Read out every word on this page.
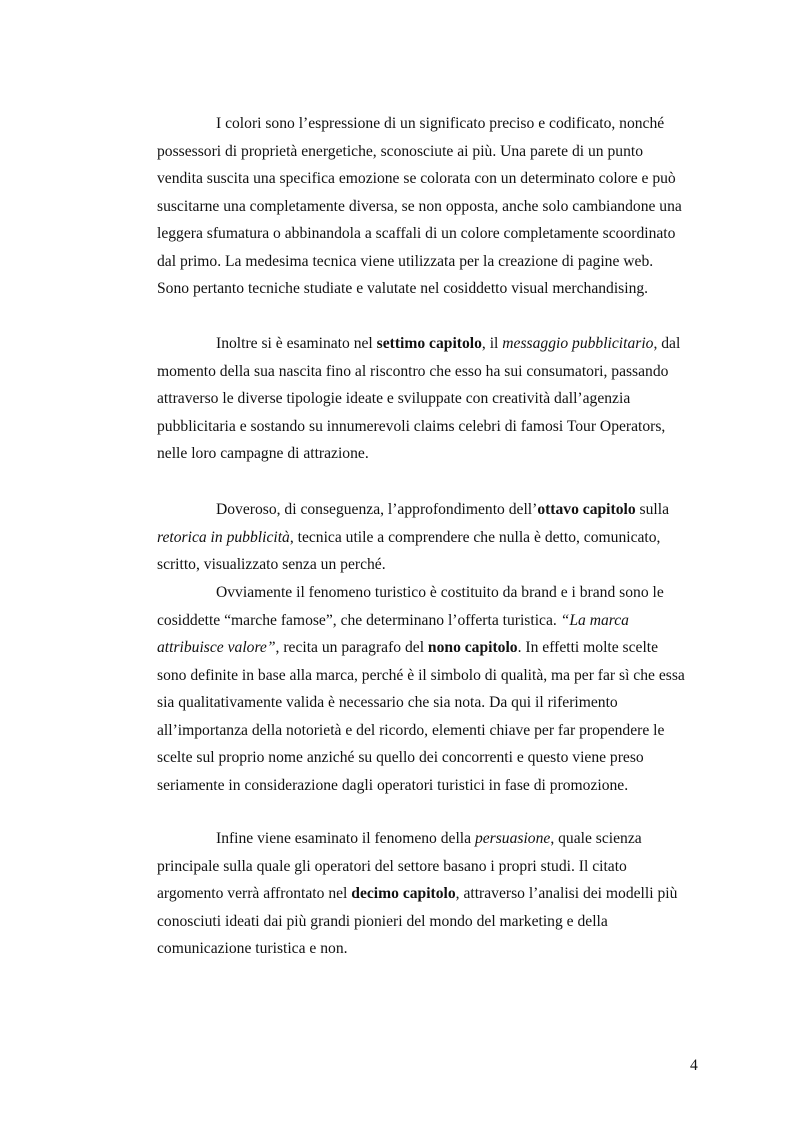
I colori sono l’espressione di un significato preciso e codificato, nonché
possessori di proprietà energetiche, sconosciute ai più. Una parete di un punto
vendita suscita una specifica emozione se colorata con un determinato colore e può
suscitarne una completamente diversa, se non opposta, anche solo cambiandone una
leggera sfumatura o abbinandola a scaffali di un colore completamente scoordinato
dal primo. La medesima tecnica viene utilizzata per la creazione di pagine web.
Sono pertanto tecniche studiate e valutate nel cosiddetto visual merchandising.
Inoltre si è esaminato nel settimo capitolo, il messaggio pubblicitario, dal
momento della sua nascita fino al riscontro che esso ha sui consumatori, passando
attraverso le diverse tipologie ideate e sviluppate con creatività dall’agenzia
pubblicitaria e sostando su innumerevoli claims celebri di famosi Tour Operators,
nelle loro campagne di attrazione.
Doveroso, di conseguenza, l’approfondimento dell’ottavo capitolo sulla
retorica in pubblicità, tecnica utile a comprendere che nulla è detto, comunicato,
scritto, visualizzato senza un perché.
Ovviamente il fenomeno turistico è costituito da brand e i brand sono le
cosiddette “marche famose”, che determinano l’offerta turistica. “La marca
attribuisce valore”, recita un paragrafo del nono capitolo. In effetti molte scelte
sono definite in base alla marca, perché è il simbolo di qualità, ma per far sì che essa
sia qualitativamente valida è necessario che sia nota. Da qui il riferimento
all’importanza della notorietà e del ricordo, elementi chiave per far propendere le
scelte sul proprio nome anziché su quello dei concorrenti e questo viene preso
seriamente in considerazione dagli operatori turistici in fase di promozione.
Infine viene esaminato il fenomeno della persuasione, quale scienza
principale sulla quale gli operatori del settore basano i propri studi. Il citato
argomento verrà affrontato nel decimo capitolo, attraverso l’analisi dei modelli più
conosciuti ideati dai più grandi pionieri del mondo del marketing e della
comunicazione turistica e non.
4
